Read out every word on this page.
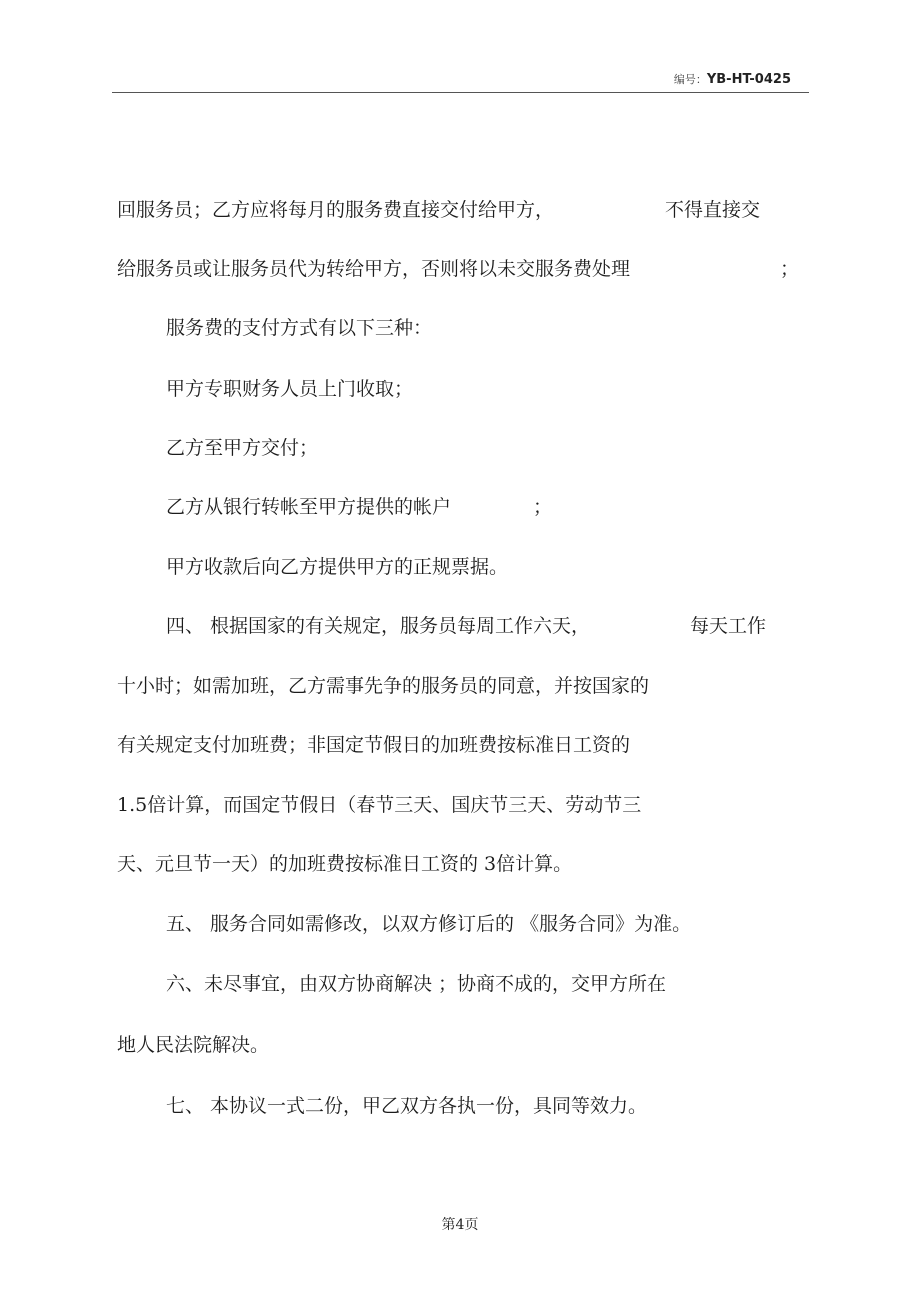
编号：YB-HT-0425
回服务员；乙方应将每月的服务费直接交付给甲方，	不得直接交
给服务员或让服务员代为转给甲方，否则将以未交服务费处理	；
服务费的支付方式有以下三种：
甲方专职财务人员上门收取；
乙方至甲方交付；
乙方从银行转帐至甲方提供的帐户	；
甲方收款后向乙方提供甲方的正规票据。
四、 根据国家的有关规定，服务员每周工作六天，	每天工作
十小时；如需加班，乙方需事先争的服务员的同意，并按国家的
有关规定支付加班费；非国定节假日的加班费按标准日工资的
1.5倍计算，而国定节假日（春节三天、国庆节三天、劳动节三
天、元旦节一天）的加班费按标准日工资的 3倍计算。
五、 服务合同如需修改，以双方修订后的 《服务合同》为准。
六、未尽事宜，由双方协商解决 ；协商不成的，交甲方所在
地人民法院解决。
七、 本协议一式二份，甲乙双方各执一份，具同等效力。
第4页
